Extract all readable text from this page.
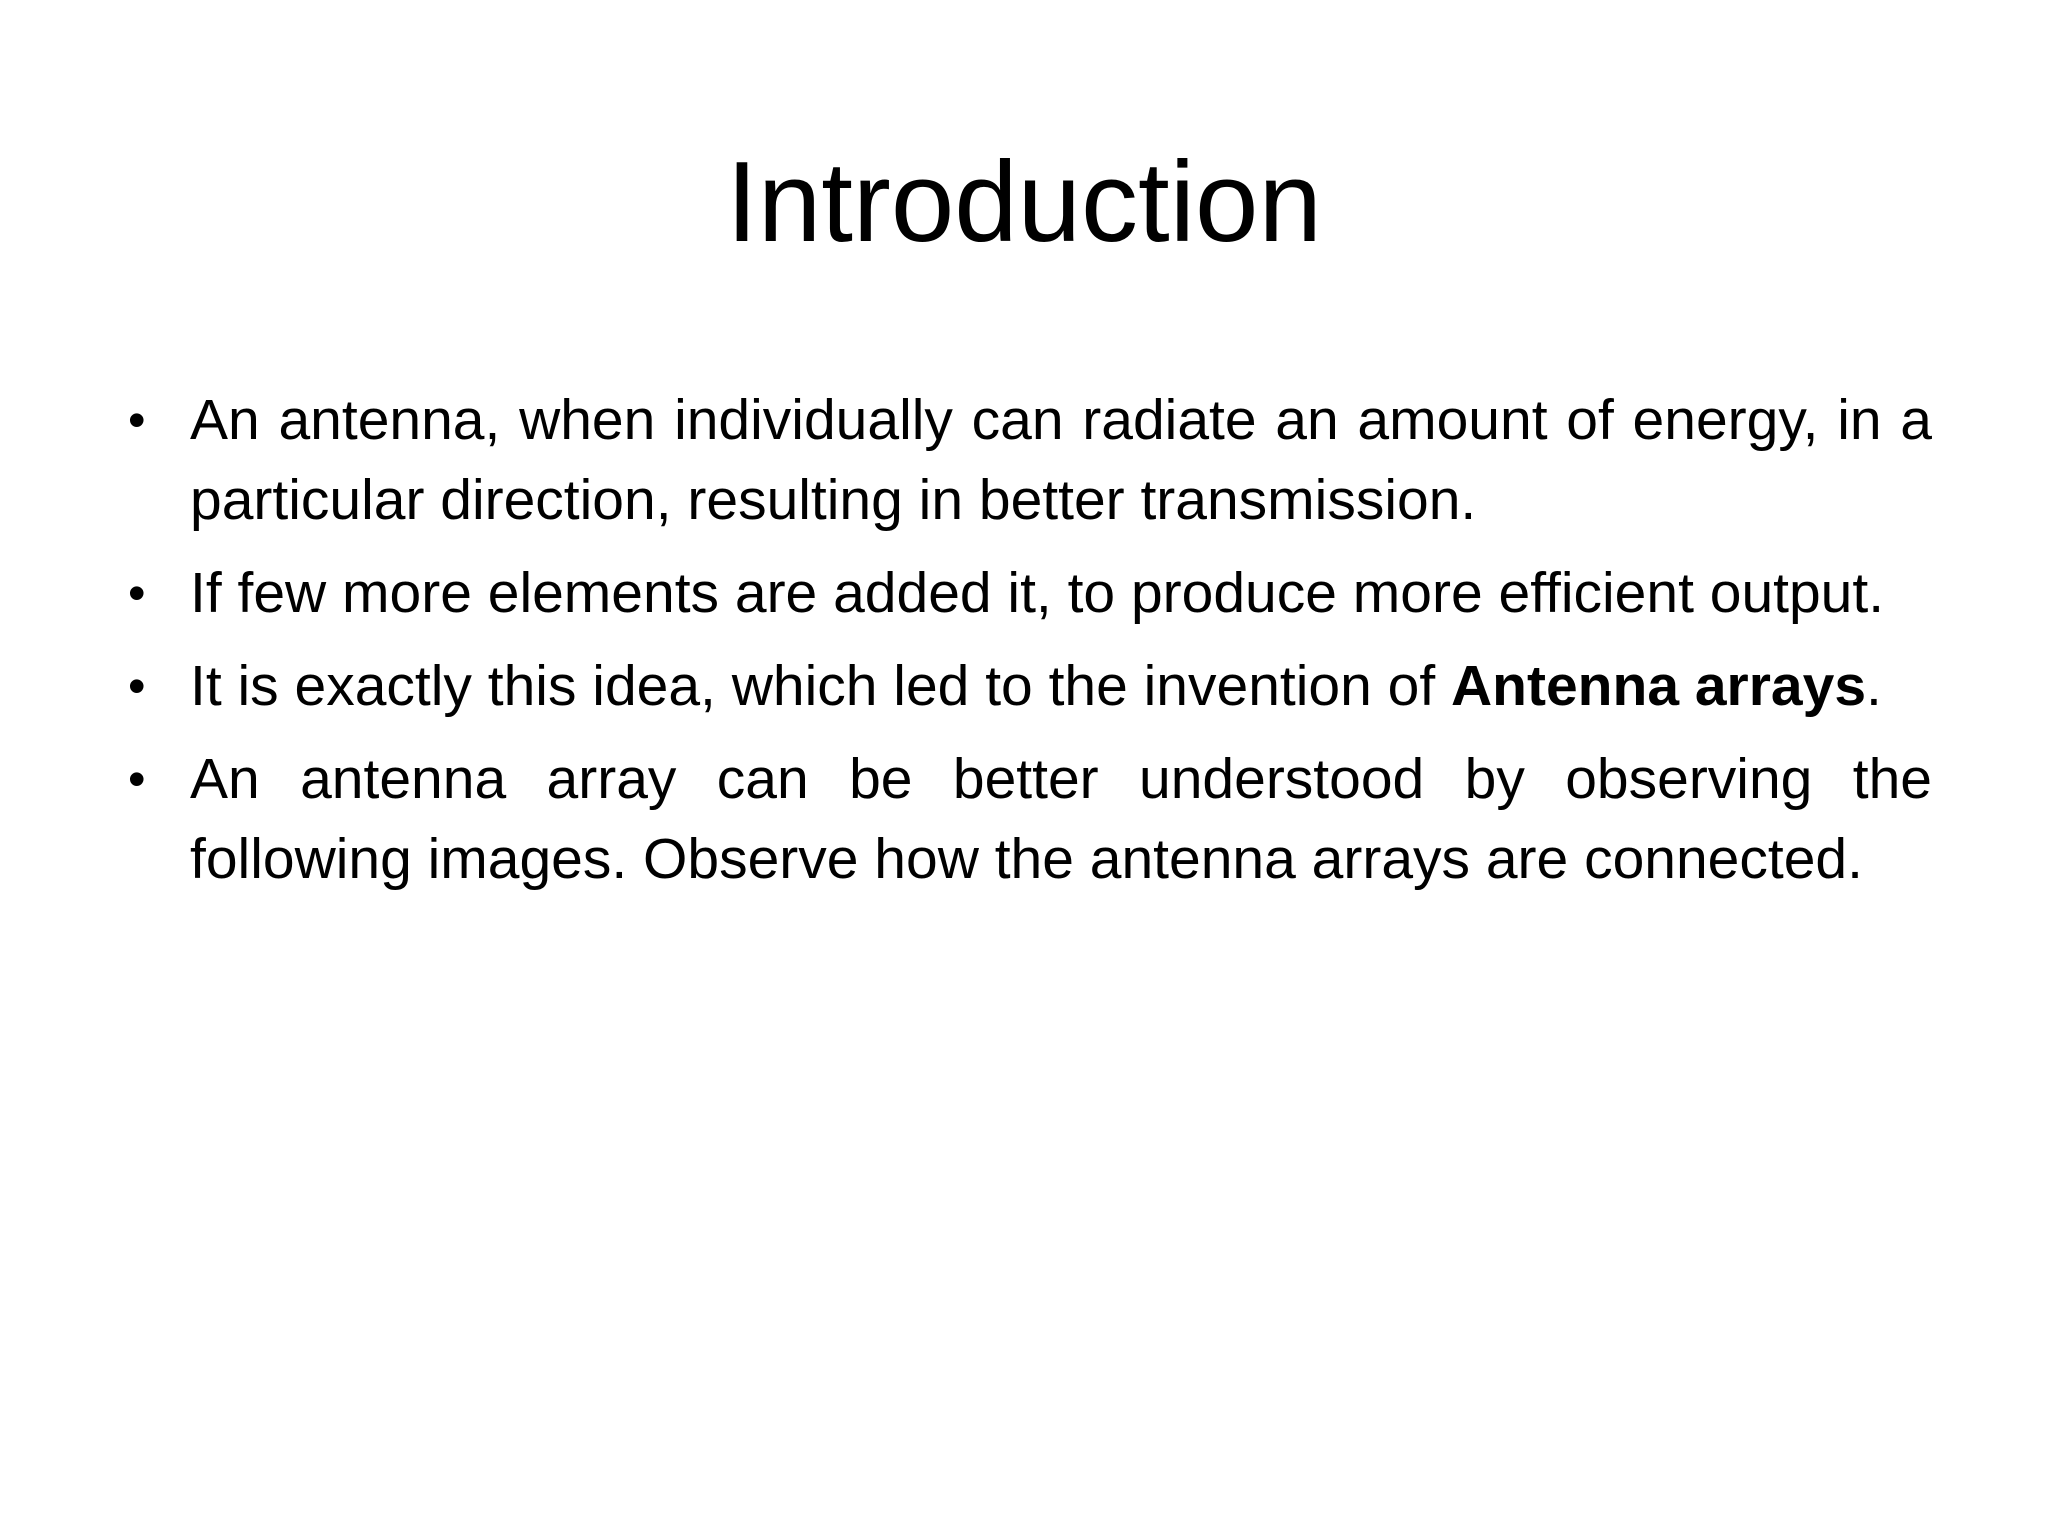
Introduction
• An antenna, when individually can radiate an amount of energy, in a particular direction, resulting in better transmission.
• If few more elements are added it, to produce more efficient output.
• It is exactly this idea, which led to the invention of Antenna arrays.
• An antenna array can be better understood by observing the following images. Observe how the antenna arrays are connected.
